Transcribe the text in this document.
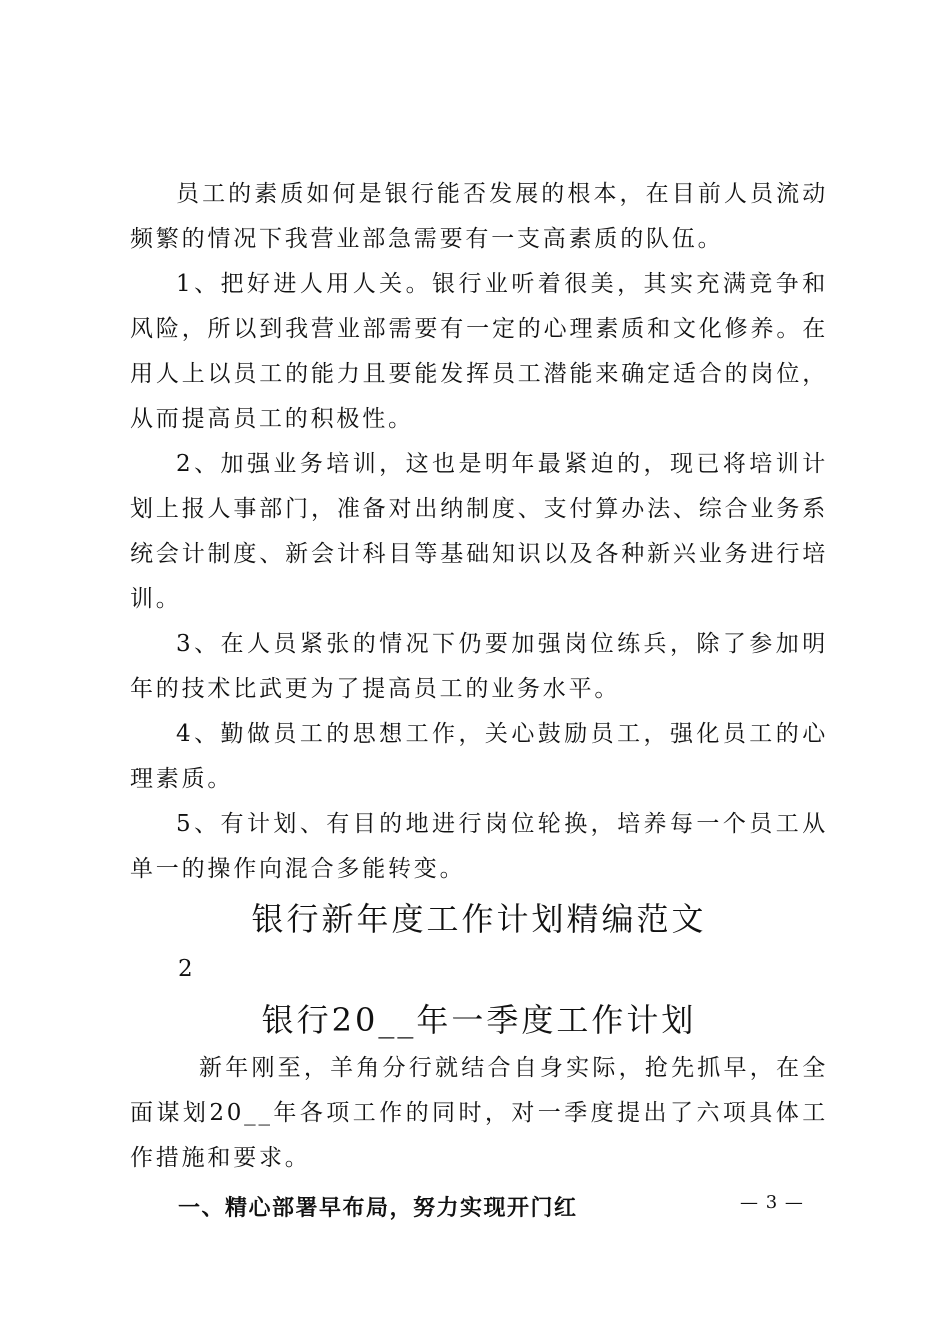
员工的素质如何是银行能否发展的根本，在目前人员流动频繁的情况下我营业部急需要有一支高素质的队伍。

1、把好进人用人关。银行业听着很美，其实充满竞争和风险，所以到我营业部需要有一定的心理素质和文化修养。在用人上以员工的能力且要能发挥员工潜能来确定适合的岗位，从而提高员工的积极性。

2、加强业务培训，这也是明年最紧迫的，现已将培训计划上报人事部门，准备对出纳制度、支付算办法、综合业务系统会计制度、新会计科目等基础知识以及各种新兴业务进行培训。

3、在人员紧张的情况下仍要加强岗位练兵，除了参加明年的技术比武更为了提高员工的业务水平。

4、勤做员工的思想工作，关心鼓励员工，强化员工的心理素质。

5、有计划、有目的地进行岗位轮换，培养每一个员工从单一的操作向混合多能转变。

银行新年度工作计划精编范文

2

银行20__年一季度工作计划

新年刚至，羊角分行就结合自身实际，抢先抓早，在全面谋划20__年各项工作的同时，对一季度提出了六项具体工作措施和要求。

一、精心部署早布局，努力实现开门红	— 3 —
